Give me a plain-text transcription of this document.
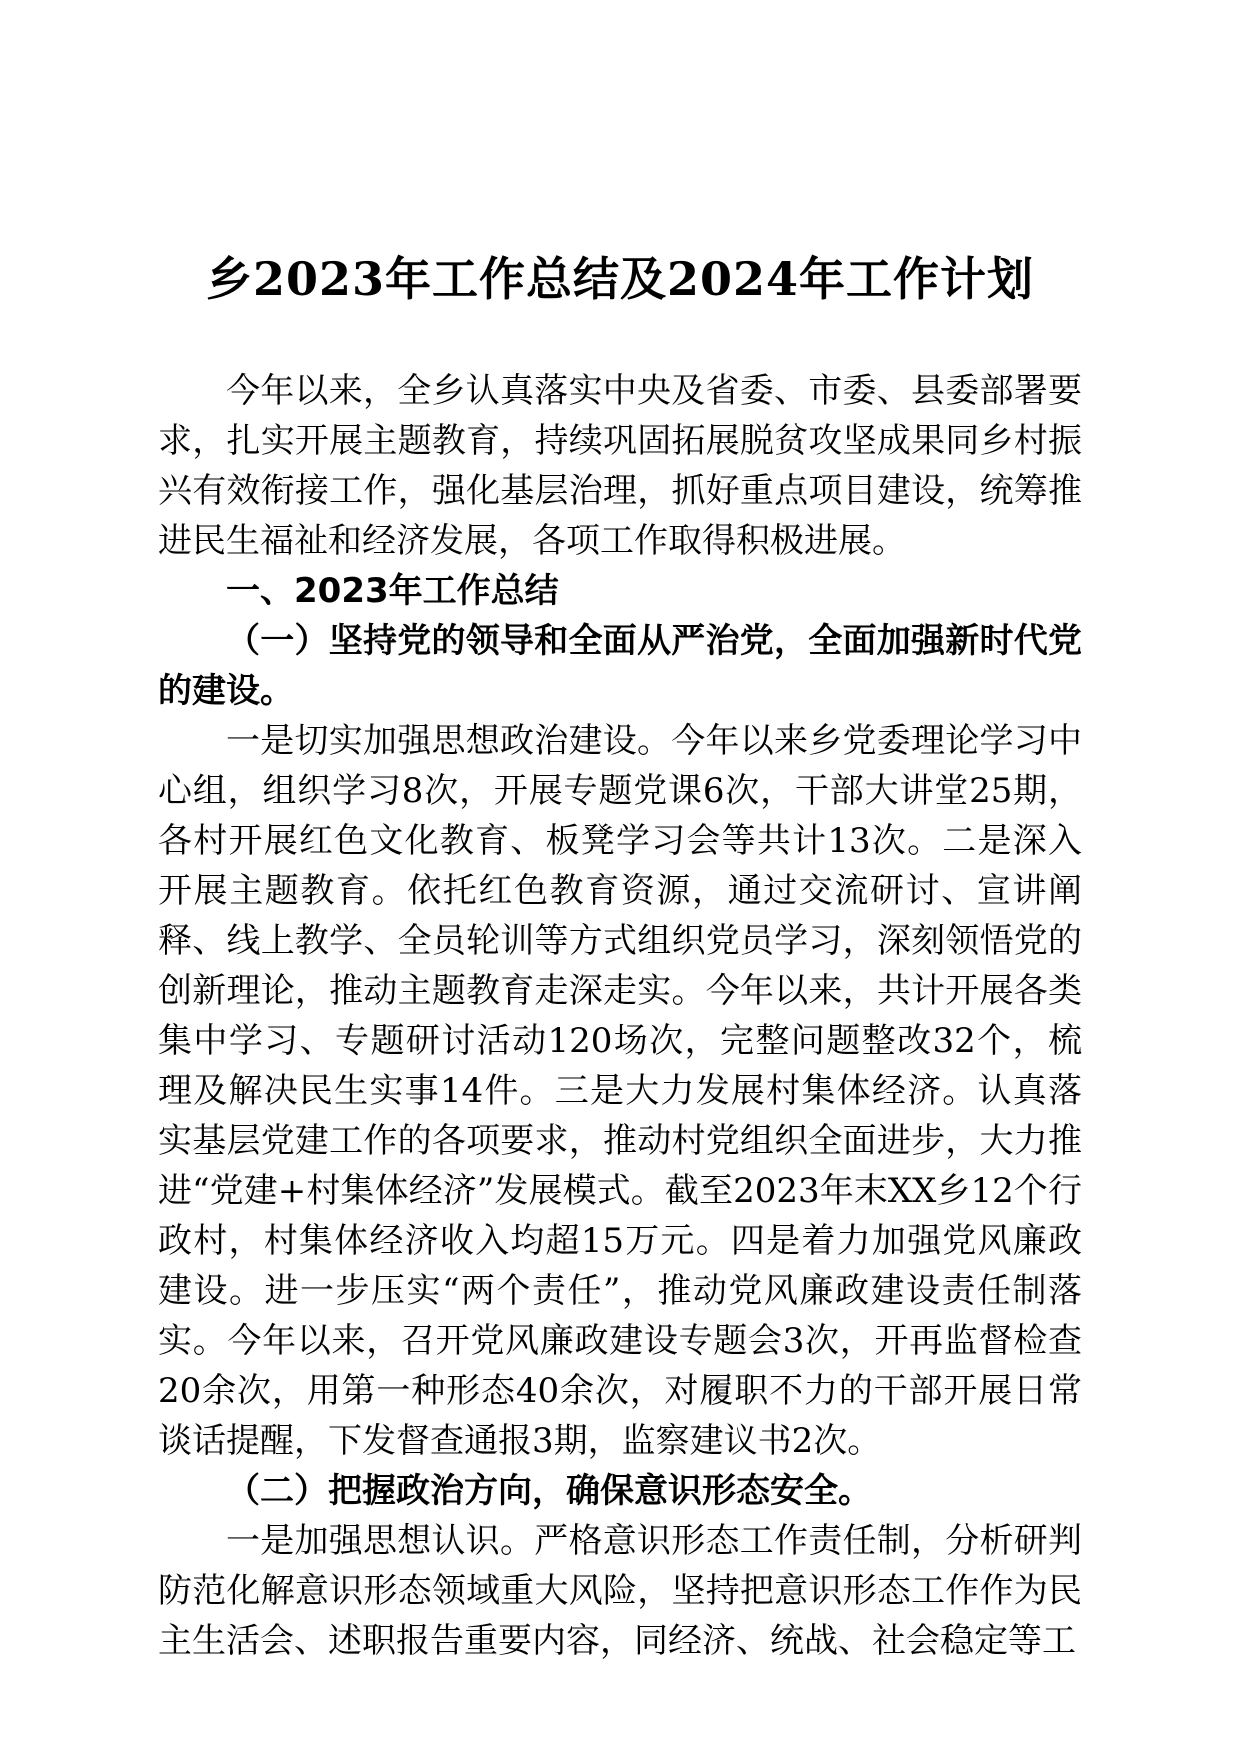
乡2023年工作总结及2024年工作计划

今年以来，全乡认真落实中央及省委、市委、县委部署要求，扎实开展主题教育，持续巩固拓展脱贫攻坚成果同乡村振兴有效衔接工作，强化基层治理，抓好重点项目建设，统筹推进民生福祉和经济发展，各项工作取得积极进展。

一、2023年工作总结

（一）坚持党的领导和全面从严治党，全面加强新时代党的建设。

一是切实加强思想政治建设。今年以来乡党委理论学习中心组，组织学习8次，开展专题党课6次，干部大讲堂25期，各村开展红色文化教育、板凳学习会等共计13次。二是深入开展主题教育。依托红色教育资源，通过交流研讨、宣讲阐释、线上教学、全员轮训等方式组织党员学习，深刻领悟党的创新理论，推动主题教育走深走实。今年以来，共计开展各类集中学习、专题研讨活动120场次，完整问题整改32个，梳理及解决民生实事14件。三是大力发展村集体经济。认真落实基层党建工作的各项要求，推动村党组织全面进步，大力推进“党建+村集体经济”发展模式。截至2023年末XX乡12个行政村，村集体经济收入均超15万元。四是着力加强党风廉政建设。进一步压实“两个责任”，推动党风廉政建设责任制落实。今年以来，召开党风廉政建设专题会3次，开再监督检查20余次，用第一种形态40余次，对履职不力的干部开展日常谈话提醒，下发督查通报3期，监察建议书2次。

（二）把握政治方向，确保意识形态安全。

一是加强思想认识。严格意识形态工作责任制，分析研判防范化解意识形态领域重大风险，坚持把意识形态工作作为民主生活会、述职报告重要内容，同经济、统战、社会稳定等工
